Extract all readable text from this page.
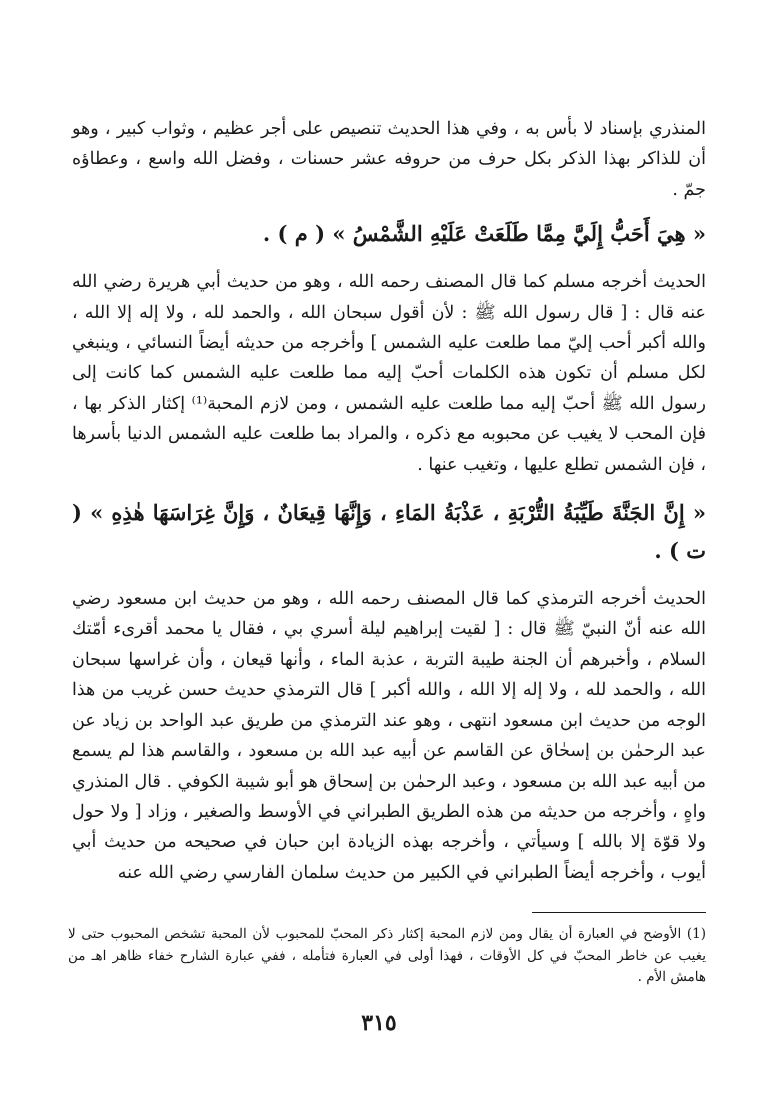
المنذري بإسناد لا بأس به ، وفي هذا الحديث تنصيص على أجر عظيم ، وثواب كبير ، وهو أن للذاكر بهذا الذكر بكل حرف من حروفه عشر حسنات ، وفضل الله واسع ، وعطاؤه جمّ .

« هِيَ أَحَبُّ إِلَيَّ مِمَّا طَلَعَتْ عَلَيْهِ الشَّمْسُ » ( م ) .

الحديث أخرجه مسلم كما قال المصنف رحمه الله ، وهو من حديث أبي هريرة رضي الله عنه قال : [ قال رسول الله ﷺ : لأن أقول سبحان الله ، والحمد لله ، ولا إله إلا الله ، والله أكبر أحب إليّ مما طلعت عليه الشمس ] وأخرجه من حديثه أيضاً النسائي ، وينبغي لكل مسلم أن تكون هذه الكلمات أحبّ إليه مما طلعت عليه الشمس كما كانت إلى رسول الله ﷺ أحبّ إليه مما طلعت عليه الشمس ، ومن لازم المحبة⁽¹⁾ إكثار الذكر بها ، فإن المحب لا يغيب عن محبوبه مع ذكره ، والمراد بما طلعت عليه الشمس الدنيا بأسرها ، فإن الشمس تطلع عليها ، وتغيب عنها .

« إِنَّ الجَنَّةَ طَيِّبَةُ التُّرْبَةِ ، عَذْبَةُ المَاءِ ، وَإِنَّهَا قِيعَانٌ ، وَإِنَّ غِرَاسَهَا هٰذِهِ » ( ت ) .

الحديث أخرجه الترمذي كما قال المصنف رحمه الله ، وهو من حديث ابن مسعود رضي الله عنه أنّ النبيّ ﷺ قال : [ لقيت إبراهيم ليلة أسري بي ، فقال يا محمد أقرىء أمّتك السلام ، وأخبرهم أن الجنة طيبة التربة ، عذبة الماء ، وأنها قيعان ، وأن غراسها سبحان الله ، والحمد لله ، ولا إله إلا الله ، والله أكبر ] قال الترمذي حديث حسن غريب من هذا الوجه من حديث ابن مسعود انتهى ، وهو عند الترمذي من طريق عبد الواحد بن زياد عن عبد الرحمٰن بن إسحٰاق عن القاسم عن أبيه عبد الله بن مسعود ، والقاسم هذا لم يسمع من أبيه عبد الله بن مسعود ، وعبد الرحمٰن بن إسحاق هو أبو شيبة الكوفي . قال المنذري واهٍ ، وأخرجه من حديثه من هذه الطريق الطبراني في الأوسط والصغير ، وزاد [ ولا حول ولا قوّة إلا بالله ] وسيأتي ، وأخرجه بهذه الزيادة ابن حبان في صحيحه من حديث أبي أيوب ، وأخرجه أيضاً الطبراني في الكبير من حديث سلمان الفارسي رضي الله عنه

(1) الأوضح في العبارة أن يقال ومن لازم المحبة إكثار ذكر المحبّ للمحبوب لأن المحبة تشخص المحبوب حتى لا يغيب عن خاطر المحبّ في كل الأوقات ، فهذا أولى في العبارة فتأمله ، ففي عبارة الشارح خفاء ظاهر اهـ من هامش الأم .

٣١٥
